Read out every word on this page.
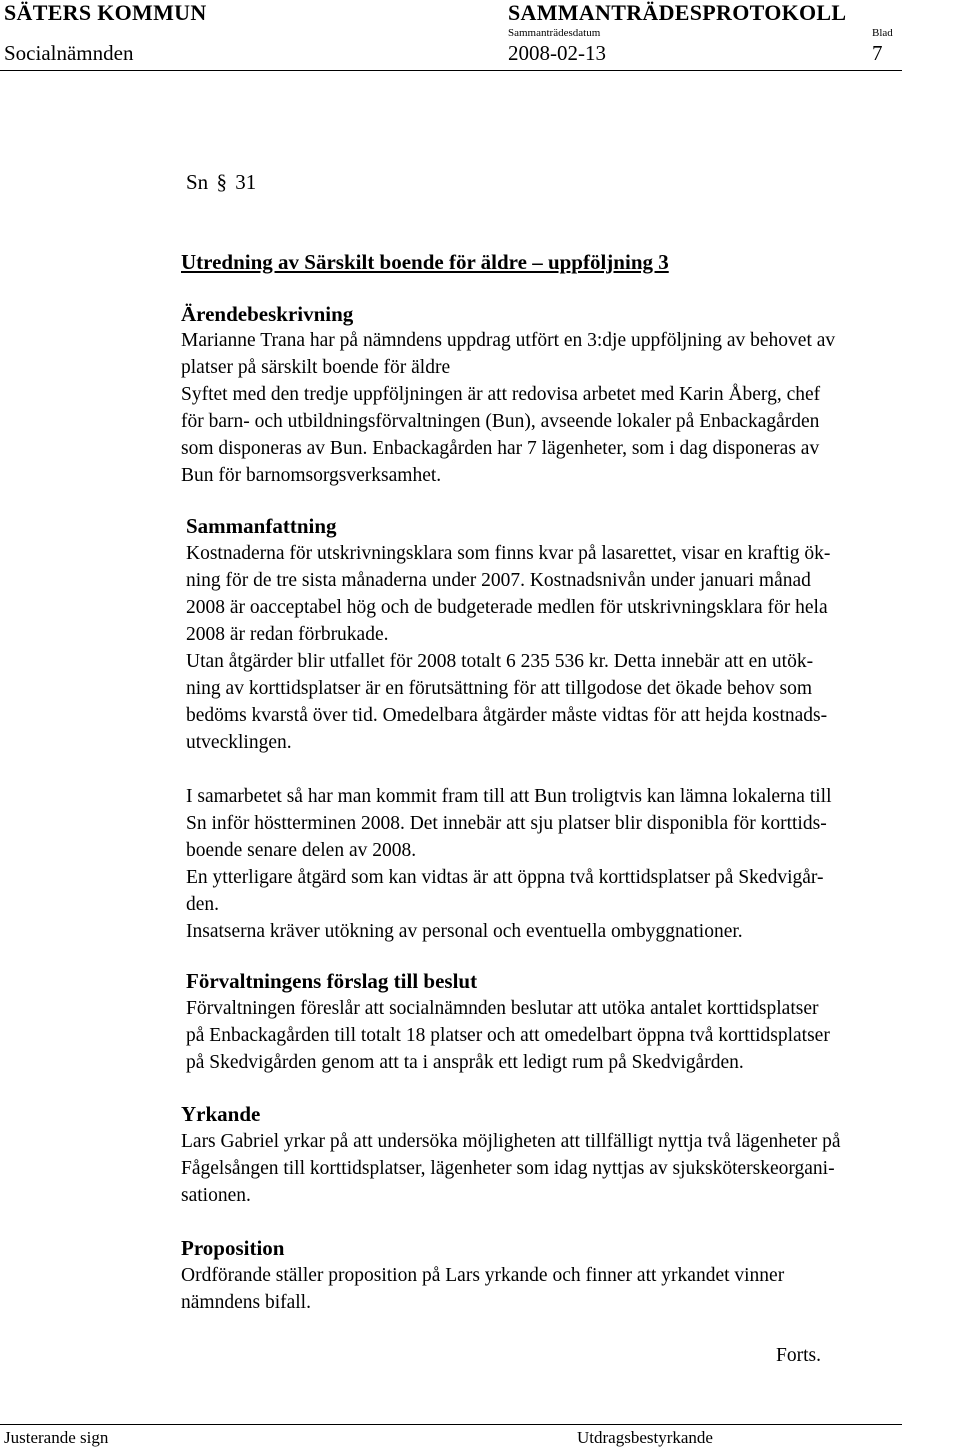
SÄTERS KOMMUN	SAMMANTRÄDESPROTOKOLL
Sammanträdesdatum	Blad
Socialnämnden	2008-02-13	7
Sn § 31
Utredning av Särskilt boende för äldre – uppföljning 3
Ärendebeskrivning
Marianne Trana har på nämndens uppdrag utfört en 3:dje uppföljning av behovet av
platser på särskilt boende för äldre
Syftet med den tredje uppföljningen är att redovisa arbetet med Karin Åberg, chef
för barn- och utbildningsförvaltningen (Bun), avseende lokaler på Enbackagården
som disponeras av Bun. Enbackagården har 7 lägenheter, som i dag disponeras av
Bun för barnomsorgsverksamhet.
Sammanfattning
Kostnaderna för utskrivningsklara som finns kvar på lasarettet, visar en kraftig ök-
ning för de tre sista månaderna under 2007. Kostnadsnivån under januari månad
2008 är oacceptabel hög och de budgeterade medlen för utskrivningsklara för hela
2008 är redan förbrukade.
Utan åtgärder blir utfallet för 2008 totalt 6 235 536 kr. Detta innebär att en utök-
ning av korttidsplatser är en förutsättning för att tillgodose det ökade behov som
bedöms kvarstå över tid. Omedelbara åtgärder måste vidtas för att hejda kostnads-
utvecklingen.
I samarbetet så har man kommit fram till att Bun troligtvis kan lämna lokalerna till
Sn inför höstterminen 2008. Det innebär att sju platser blir disponibla för korttids-
boende senare delen av 2008.
En ytterligare åtgärd som kan vidtas är att öppna två korttidsplatser på Skedvigår-
den.
Insatserna kräver utökning av personal och eventuella ombyggnationer.
Förvaltningens förslag till beslut
Förvaltningen föreslår att socialnämnden beslutar att utöka antalet korttidsplatser
på Enbackagården till totalt 18 platser och att omedelbart öppna två korttidsplatser
på Skedvigården genom att ta i anspråk ett ledigt rum på Skedvigården.
Yrkande
Lars Gabriel yrkar på att undersöka möjligheten att tillfälligt nyttja två lägenheter på
Fågelsången till korttidsplatser, lägenheter som idag nyttjas av sjuksköterskeorgani-
sationen.
Proposition
Ordförande ställer proposition på Lars yrkande och finner att yrkandet vinner
nämndens bifall.
Forts.
Justerande sign	Utdragsbestyrkande
